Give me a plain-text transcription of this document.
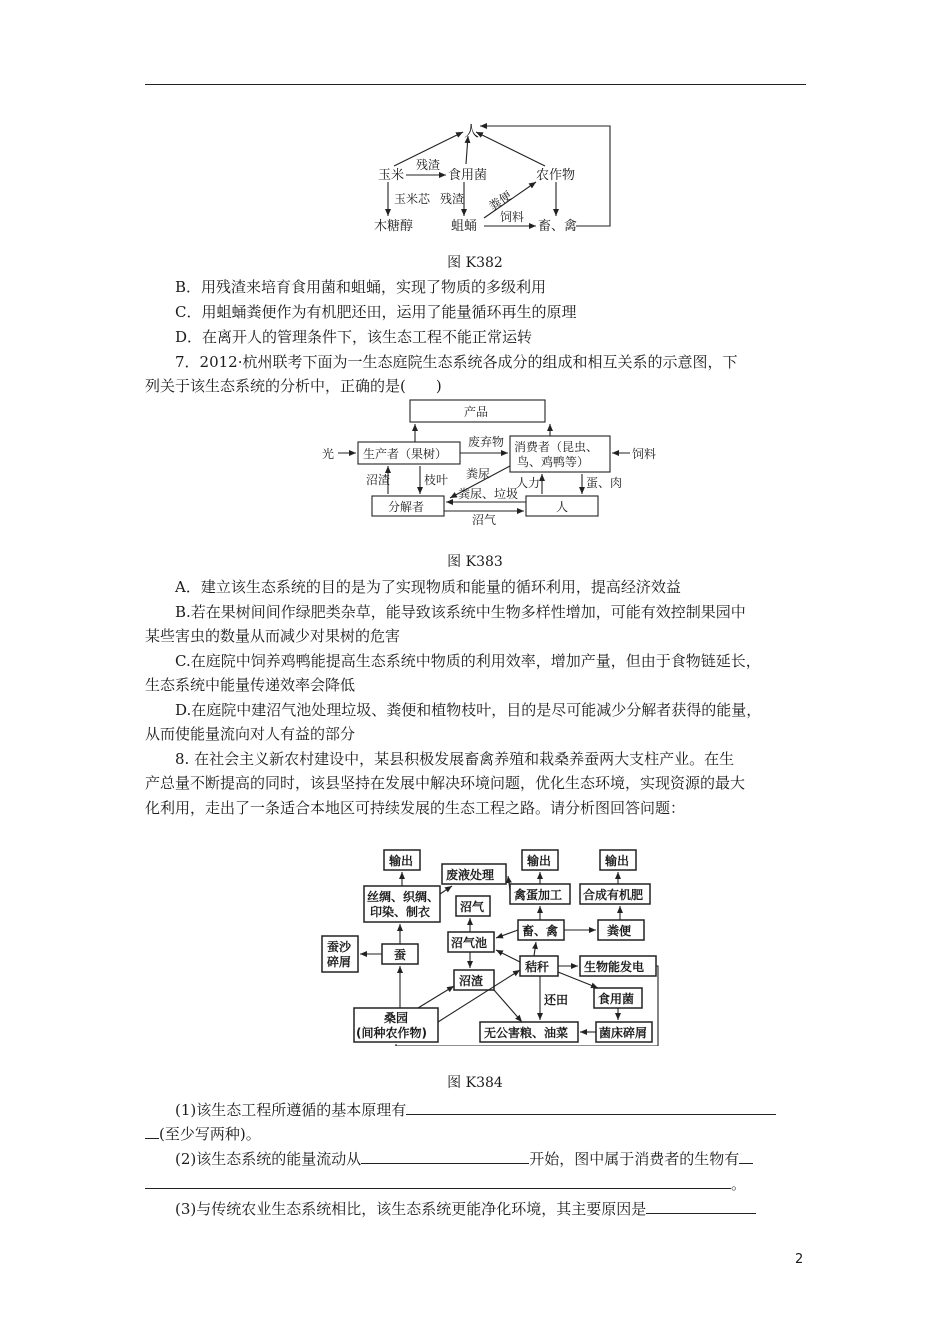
人
玉米	食用菌	农作物
木糖醇	蛆蛹	畜、禽
残渣
玉米芯 残渣 粪便
饲料
图 K382
B．用残渣来培育食用菌和蛆蛹，实现了物质的多级利用
C．用蛆蛹粪便作为有机肥还田，运用了能量循环再生的原理
D．在离开人的管理条件下，该生态工程不能正常运转
7．2012·杭州联考下面为一生态庭院生态系统各成分的组成和相互关系的示意图，下
列关于该生态系统的分析中，正确的是(　　)
产品
生产者（果树）	消费者（昆虫、
鸟、鸡鸭等）
分解者	人
光	饲料
废弃物
粪尿
沼渣	枝叶	人力	蛋、肉
粪尿、垃圾
沼气
图 K383
A．建立该生态系统的目的是为了实现物质和能量的循环利用，提高经济效益
B.若在果树间间作绿肥类杂草，能导致该系统中生物多样性增加，可能有效控制果园中
某些害虫的数量从而减少对果树的危害
C.在庭院中饲养鸡鸭能提高生态系统中物质的利用效率，增加产量，但由于食物链延长，
生态系统中能量传递效率会降低
D.在庭院中建沼气池处理垃圾、粪便和植物枝叶，目的是尽可能减少分解者获得的能量，
从而使能量流向对人有益的部分
8. 在社会主义新农村建设中，某县积极发展畜禽养殖和栽桑养蚕两大支柱产业。在生
产总量不断提高的同时，该县坚持在发展中解决环境问题，优化生态环境，实现资源的最大
化利用，走出了一条适合本地区可持续发展的生态工程之路。请分析图回答问题：
输出
废液处理
输出	输出
丝绸、织绸、
印染、制衣
禽蛋加工 合成有机肥
沼气
沼气池
畜、禽	粪便
蚕沙
碎屑	蚕
秸秆	生物能发电
沼渣
食用菌
还田
桑园
(间种农作物)	无公害粮、油菜	菌床碎屑
图 K384
(1)该生态工程所遵循的基本原理有
(至少写两种)。
(2)该生态系统的能量流动从	开始，图中属于消费者的生物有
。
(3)与传统农业生态系统相比，该生态系统更能净化环境，其主要原因是
2
